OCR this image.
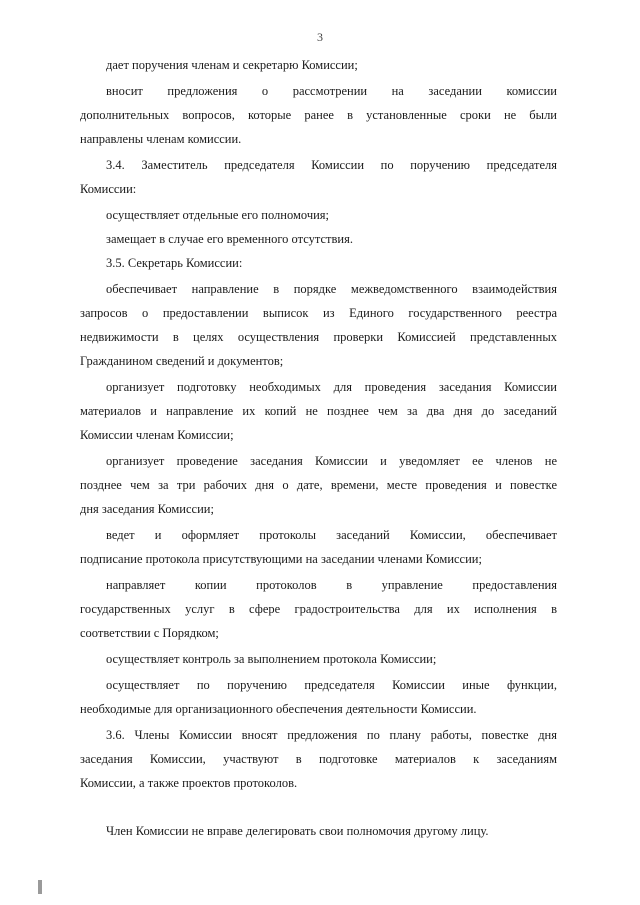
3
дает поручения членам и секретарю Комиссии;
вносит предложения о рассмотрении на заседании комиссии
дополнительных вопросов, которые ранее в установленные сроки не были
направлены членам комиссии.
3.4. Заместитель председателя Комиссии по поручению председателя
Комиссии:
осуществляет отдельные его полномочия;
замещает в случае его временного отсутствия.
3.5. Секретарь Комиссии:
обеспечивает направление в порядке межведомственного взаимодействия
запросов о предоставлении выписок из Единого государственного реестра
недвижимости в целях осуществления проверки Комиссией представленных
Гражданином сведений и документов;
организует подготовку необходимых для проведения заседания Комиссии
материалов и направление их копий не позднее чем за два дня до заседаний
Комиссии членам Комиссии;
организует проведение заседания Комиссии и уведомляет ее членов не
позднее чем за три рабочих дня о дате, времени, месте проведения и повестке
дня заседания Комиссии;
ведет и оформляет протоколы заседаний Комиссии, обеспечивает
подписание протокола присутствующими на заседании членами Комиссии;
направляет копии протоколов в управление предоставления
государственных услуг в сфере градостроительства для их исполнения в
соответствии с Порядком;
осуществляет контроль за выполнением протокола Комиссии;
осуществляет по поручению председателя Комиссии иные функции,
необходимые для организационного обеспечения деятельности Комиссии.
3.6. Члены Комиссии вносят предложения по плану работы, повестке дня
заседания Комиссии, участвуют в подготовке материалов к заседаниям
Комиссии, а также проектов протоколов.
Член Комиссии не вправе делегировать свои полномочия другому лицу.
